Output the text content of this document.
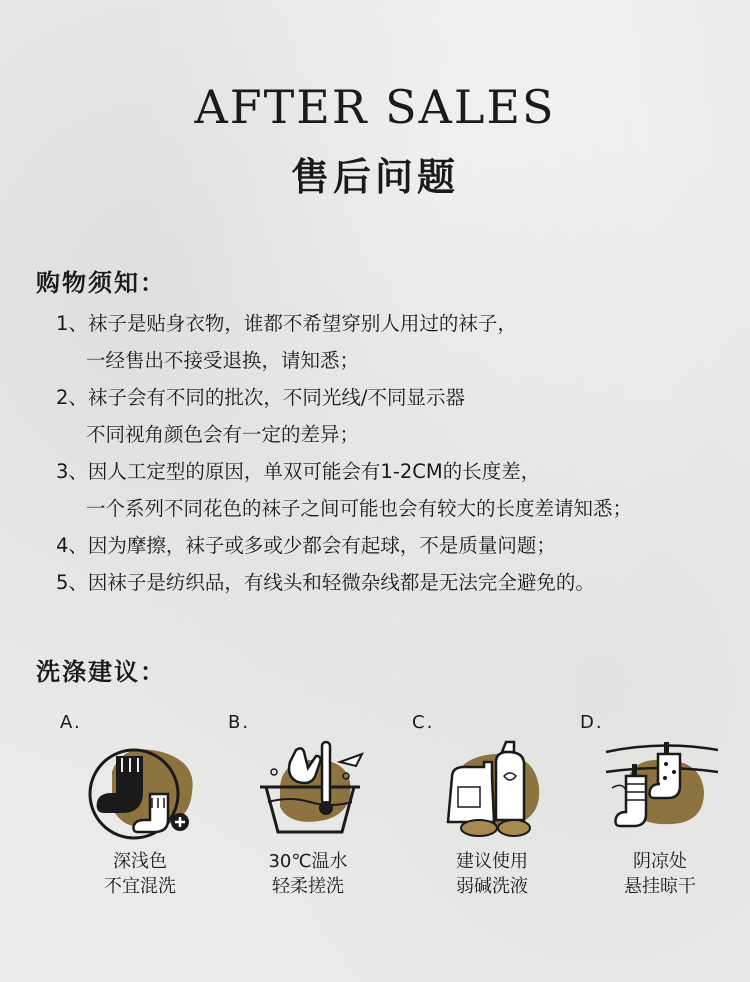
AFTER SALES
售后问题
购物须知：
1、袜子是贴身衣物，谁都不希望穿别人用过的袜子，
一经售出不接受退换，请知悉；
2、袜子会有不同的批次，不同光线/不同显示器
不同视角颜色会有一定的差异；
3、因人工定型的原因，单双可能会有1-2CM的长度差，
一个系列不同花色的袜子之间可能也会有较大的长度差请知悉；
4、因为摩擦，袜子或多或少都会有起球，不是质量问题；
5、因袜子是纺织品，有线头和轻微杂线都是无法完全避免的。
洗涤建议：
A.
深浅色
不宜混洗
B.
30℃温水
轻柔搓洗
C.
建议使用
弱碱洗液
D.
阴凉处
悬挂晾干
